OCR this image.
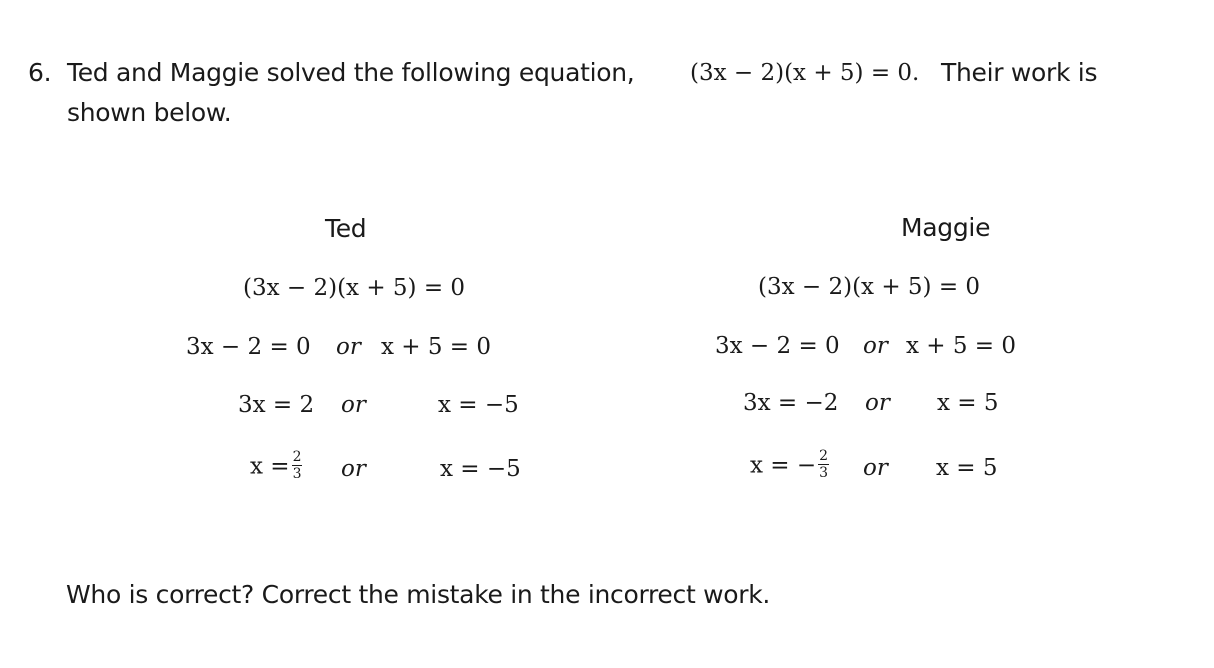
6. Ted and Maggie solved the following equation, (3x − 2)(x + 5) = 0. Their work is
shown below.
Ted
(3x − 2)(x + 5) = 0
3x − 2 = 0 or x + 5 = 0
3x = 2 or	x = −5
$x = \frac{2}{3}$ or	x = −5
Maggie
(3x − 2)(x + 5) = 0
3x − 2 = 0 or x + 5 = 0
3x = −2 or x = 5
x = − $\frac{2}{3}$ or x = 5
Who is correct? Correct the mistake in the incorrect work.
